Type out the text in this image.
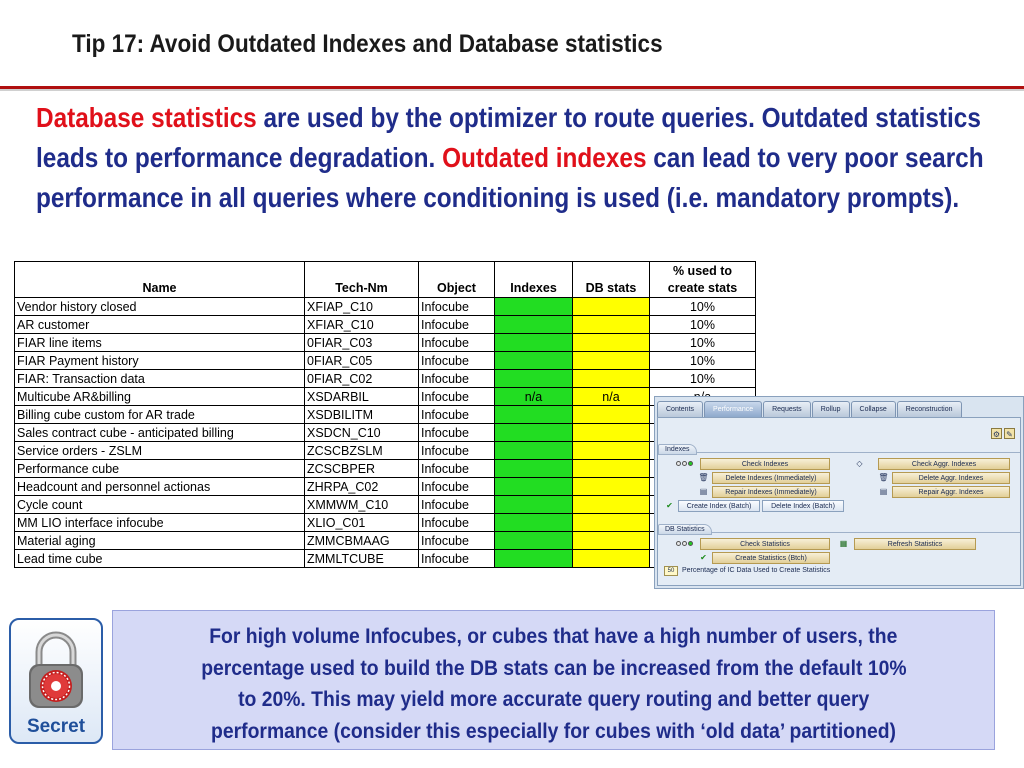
Tip 17: Avoid Outdated Indexes and Database statistics
Database statistics are used by the optimizer to route queries. Outdated statistics leads to performance degradation. Outdated indexes can lead to very poor search performance in all queries where conditioning is used (i.e. mandatory prompts).
Name	Tech-Nm	Object	Indexes	DB stats	% used to
create stats
Vendor history closed	XFIAP_C10	Infocube			10%
AR customer	XFIAR_C10	Infocube			10%
FIAR line items	0FIAR_C03	Infocube			10%
FIAR Payment history	0FIAR_C05	Infocube			10%
FIAR: Transaction data	0FIAR_C02	Infocube			10%
Multicube AR&billing	XSDARBIL	Infocube	n/a	n/a	
Billing cube custom for AR trade	XSDBILITM	Infocube			
Sales contract cube - anticipated billing	XSDCN_C10	Infocube			
Service orders - ZSLM	ZCSCBZSLM	Infocube			
Performance cube	ZCSCBPER	Infocube			
Headcount and personnel actionas	ZHRPA_C02	Infocube			
Cycle count	XMMWM_C10	Infocube			
MM LIO interface infocube	XLIO_C01	Infocube			
Material aging	ZMMCBMAAG	Infocube			
Lead time cube	ZMMLTCUBE	Infocube			
Contents	Performance	Requests	Rollup	Collapse	Reconstruction
⚙ ✎
Indexes
Check Indexes	◇	Check Aggr. Indexes
🗑	Delete Indexes (Immediately)	🗑	Delete Aggr. Indexes
▤	Repair Indexes (Immediately)	▤	Repair Aggr. Indexes
✔	Create Index (Batch)	Delete Index (Batch)
DB Statistics
Check Statistics	▦	Refresh Statistics
✔	Create Statistics (Btch)
50	Percentage of IC Data Used to Create Statistics
Secret
For high volume Infocubes, or cubes that have a high number of users, the
percentage used to build the DB stats can be increased from the default 10%
to 20%. This may yield more accurate query routing and better query
performance (consider this especially for cubes with ‘old data’ partitioned)
